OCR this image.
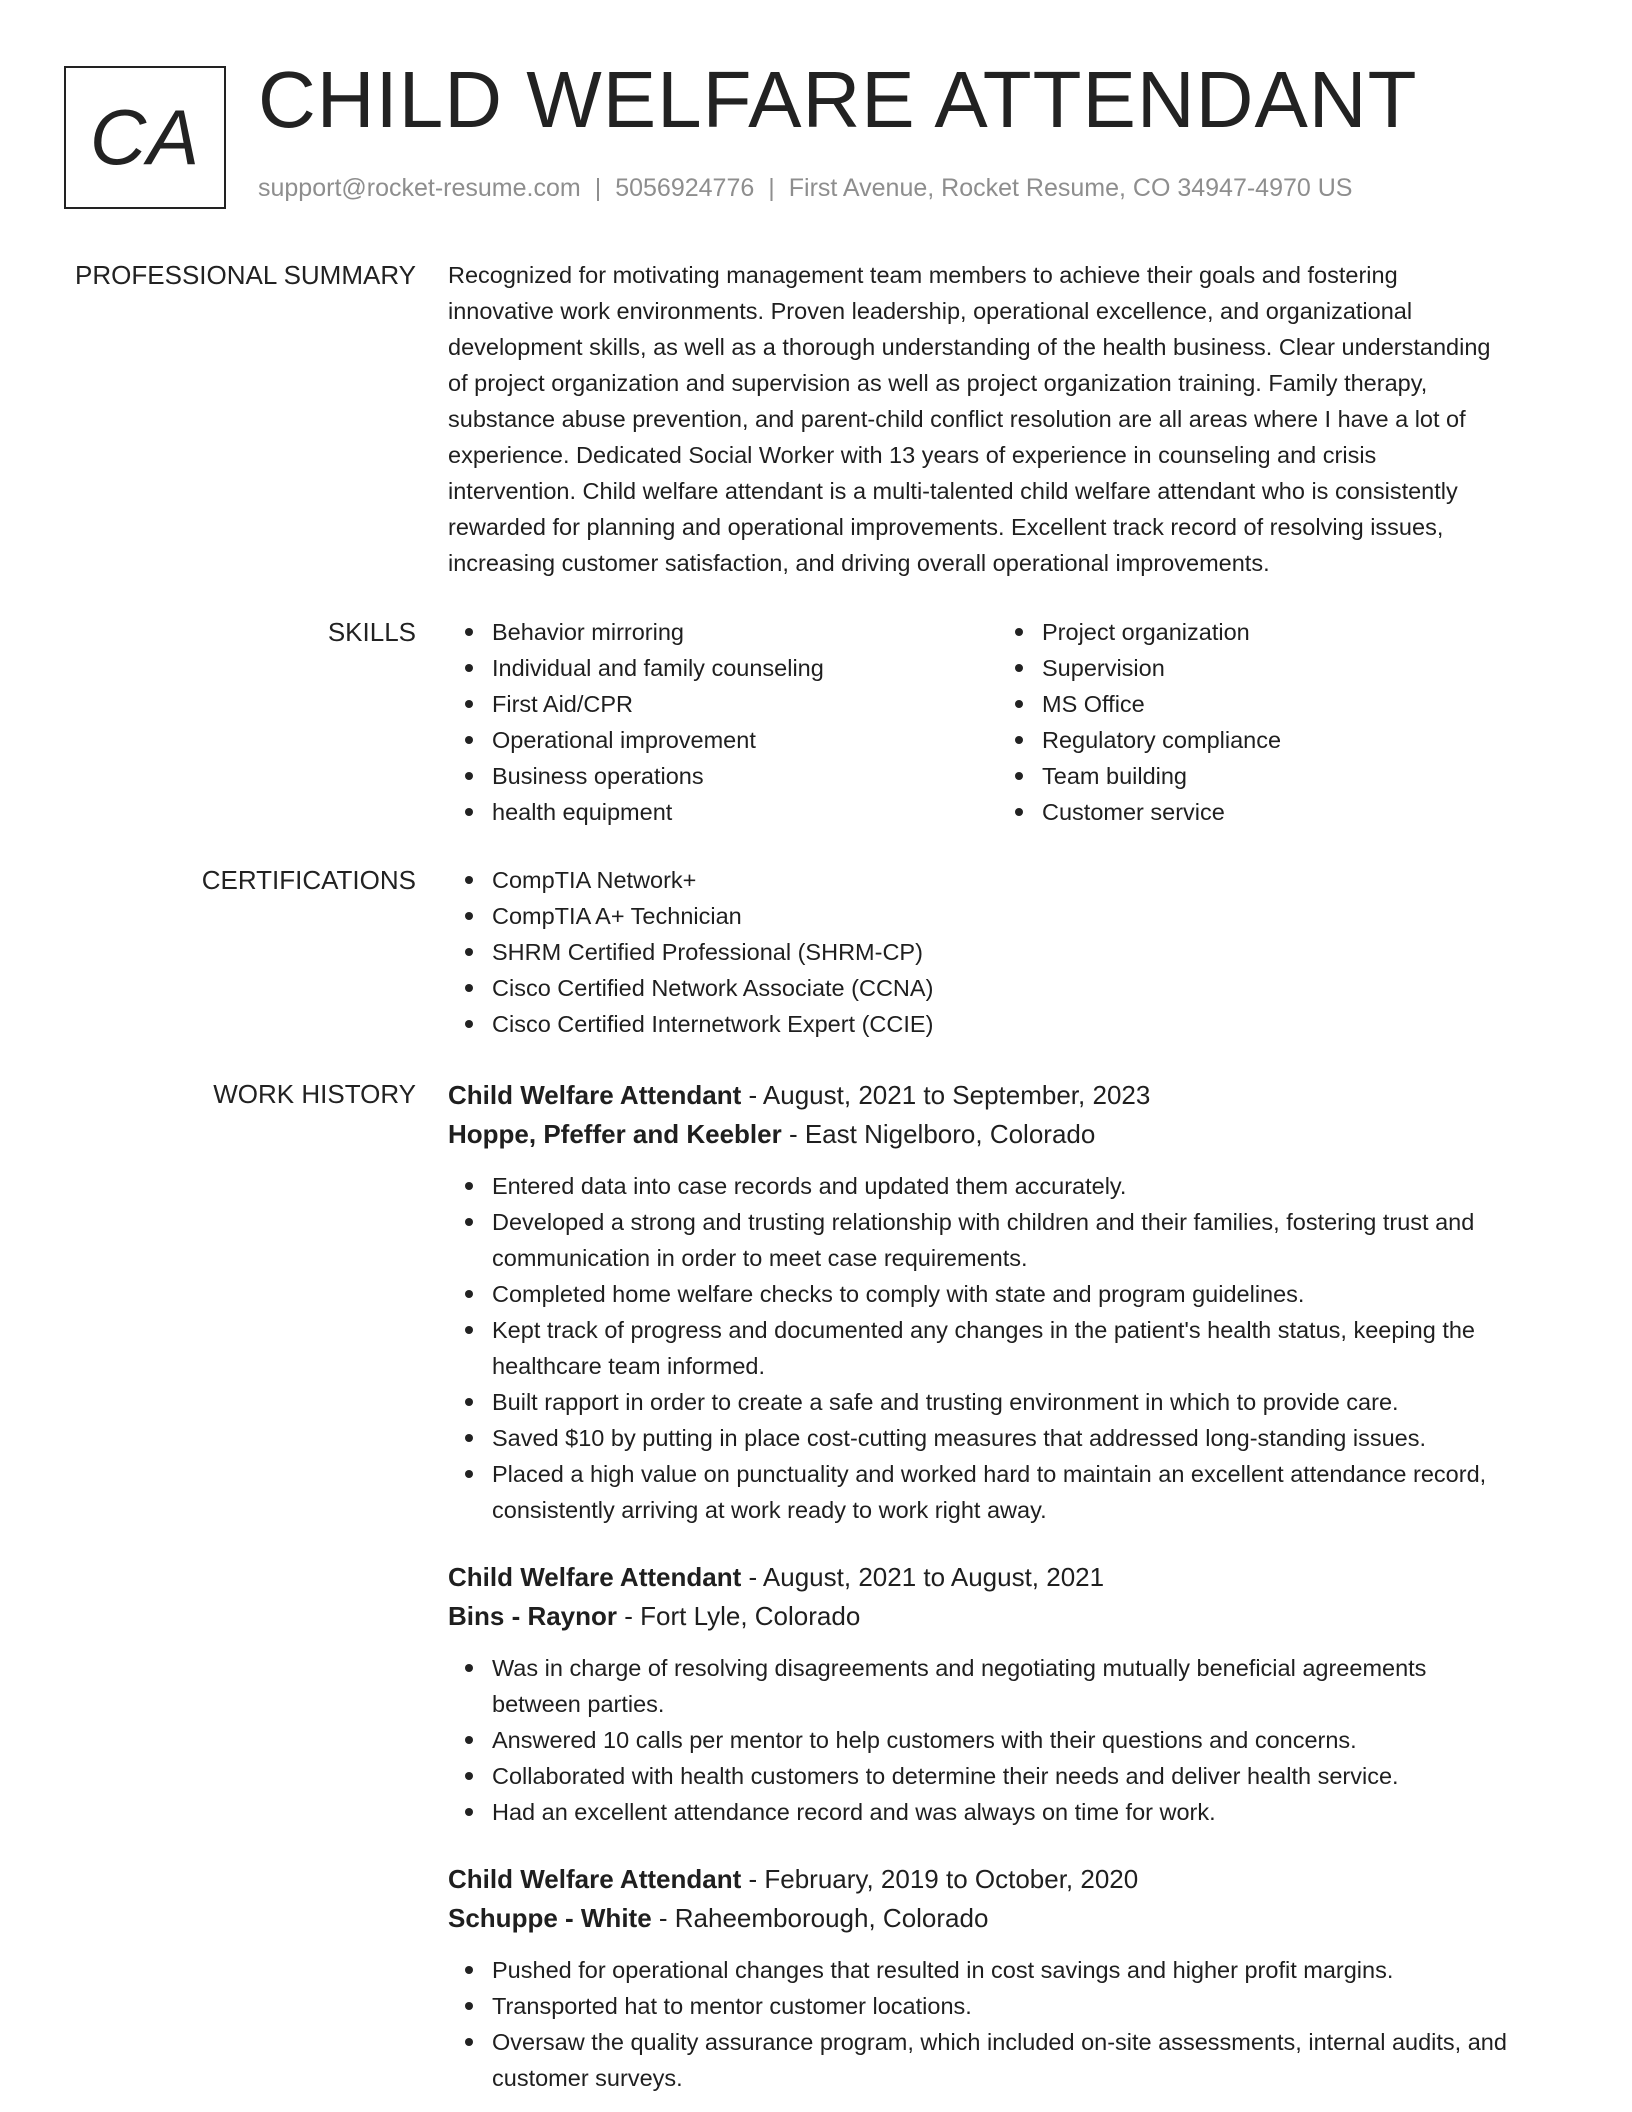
CA CHILD WELFARE ATTENDANT
support@rocket-resume.com | 5056924776 | First Avenue, Rocket Resume, CO 34947-4970 US
PROFESSIONAL SUMMARY Recognized for motivating management team members to achieve their goals and fostering
innovative work environments. Proven leadership, operational excellence, and organizational
development skills, as well as a thorough understanding of the health business. Clear understanding
of project organization and supervision as well as project organization training. Family therapy,
substance abuse prevention, and parent-child conflict resolution are all areas where I have a lot of
experience. Dedicated Social Worker with 13 years of experience in counseling and crisis
intervention. Child welfare attendant is a multi-talented child welfare attendant who is consistently
rewarded for planning and operational improvements. Excellent track record of resolving issues,
increasing customer satisfaction, and driving overall operational improvements.
SKILLS	Behavior mirroring
Individual and family counseling
First Aid/CPR
Operational improvement
Business operations
health equipment
Project organization
Supervision
MS Office
Regulatory compliance
Team building
Customer service
CERTIFICATIONS	CompTIA Network+
CompTIA A+ Technician
SHRM Certified Professional (SHRM-CP)
Cisco Certified Network Associate (CCNA)
Cisco Certified Internetwork Expert (CCIE)
WORK HISTORY Child Welfare Attendant - August, 2021 to September, 2023
Hoppe, Pfeffer and Keebler - East Nigelboro, Colorado
Entered data into case records and updated them accurately.
Developed a strong and trusting relationship with children and their families, fostering trust and
communication in order to meet case requirements.
Completed home welfare checks to comply with state and program guidelines.
Kept track of progress and documented any changes in the patient's health status, keeping the
healthcare team informed.
Built rapport in order to create a safe and trusting environment in which to provide care.
Saved $10 by putting in place cost-cutting measures that addressed long-standing issues.
Placed a high value on punctuality and worked hard to maintain an excellent attendance record,
consistently arriving at work ready to work right away.
Child Welfare Attendant - August, 2021 to August, 2021
Bins - Raynor - Fort Lyle, Colorado
Was in charge of resolving disagreements and negotiating mutually beneficial agreements
between parties.
Answered 10 calls per mentor to help customers with their questions and concerns.
Collaborated with health customers to determine their needs and deliver health service.
Had an excellent attendance record and was always on time for work.
Child Welfare Attendant - February, 2019 to October, 2020
Schuppe - White - Raheemborough, Colorado
Pushed for operational changes that resulted in cost savings and higher profit margins.
Transported hat to mentor customer locations.
Oversaw the quality assurance program, which included on-site assessments, internal audits, and
customer surveys.
